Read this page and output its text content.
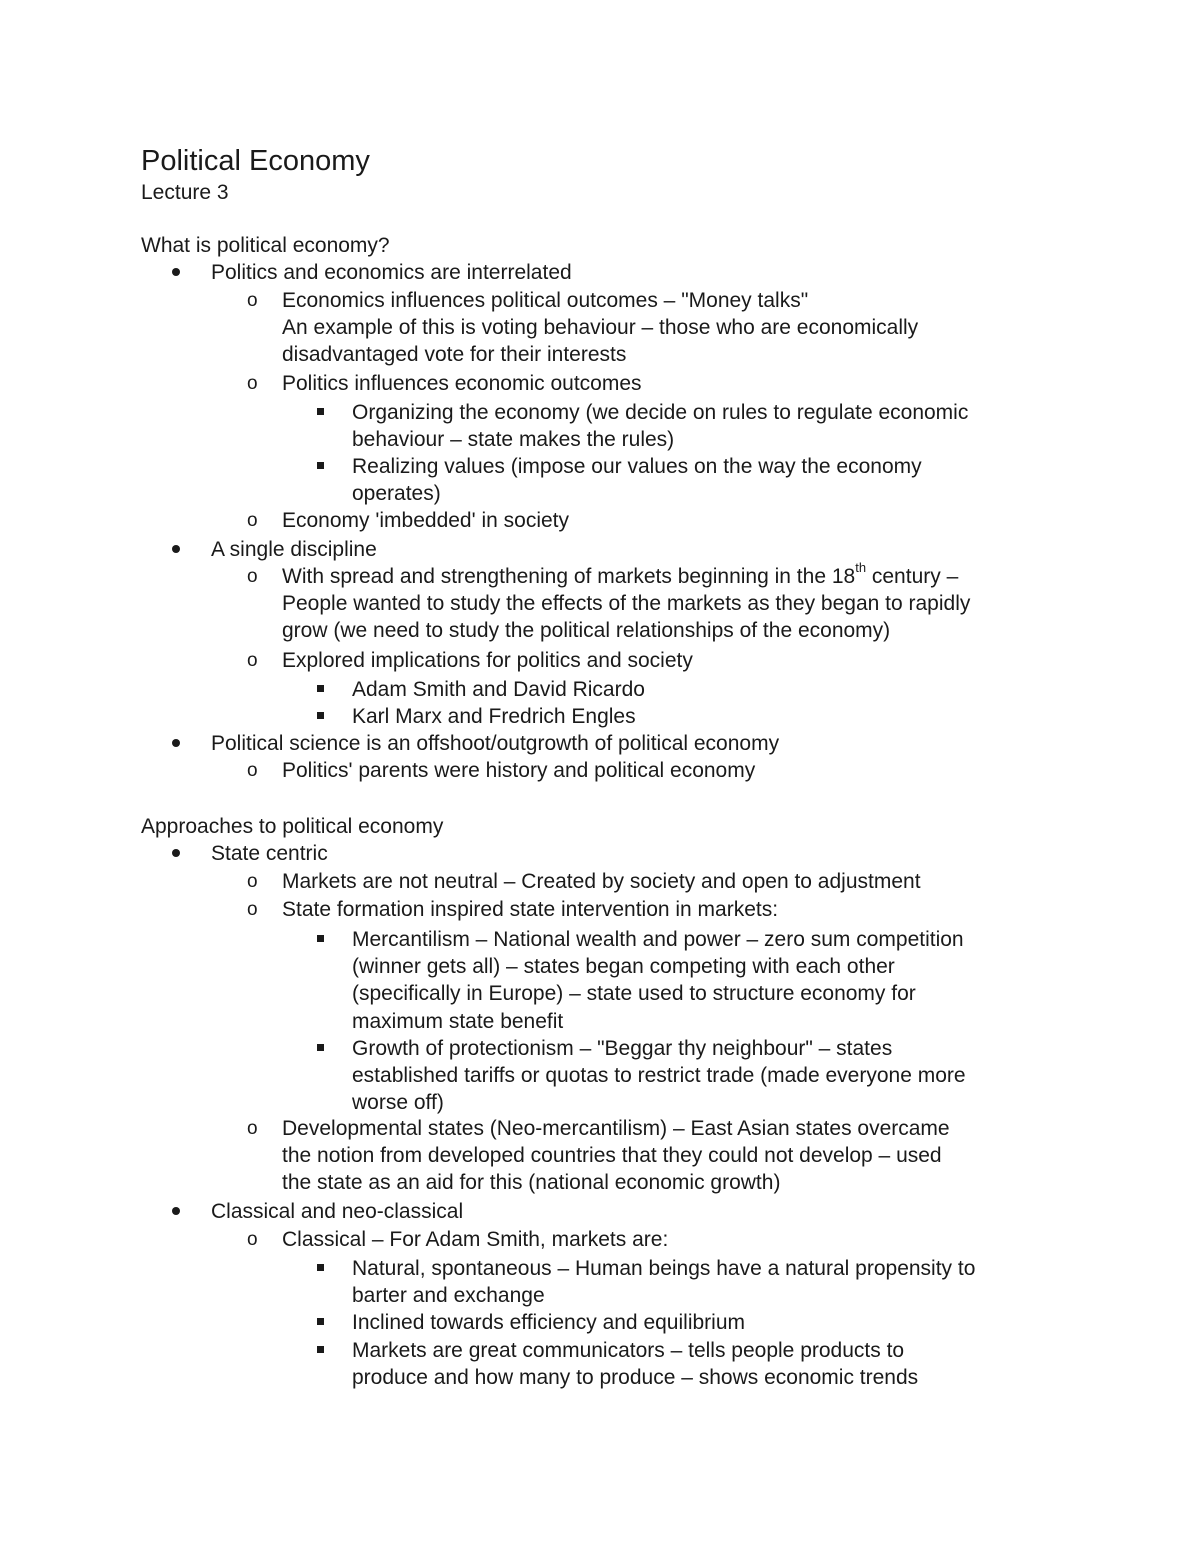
Political Economy
Lecture 3
What is political economy?
Politics and economics are interrelated
o Economics influences political outcomes – "Money talks"
An example of this is voting behaviour – those who are economically
disadvantaged vote for their interests
o Politics influences economic outcomes
Organizing the economy (we decide on rules to regulate economic
behaviour – state makes the rules)
Realizing values (impose our values on the way the economy
operates)
o Economy 'imbedded' in society
A single discipline
o With spread and strengthening of markets beginning in the 18th century –
People wanted to study the effects of the markets as they began to rapidly
grow (we need to study the political relationships of the economy)
o Explored implications for politics and society
Adam Smith and David Ricardo
Karl Marx and Fredrich Engles
Political science is an offshoot/outgrowth of political economy
o Politics' parents were history and political economy
Approaches to political economy
State centric
o Markets are not neutral – Created by society and open to adjustment
o State formation inspired state intervention in markets:
Mercantilism – National wealth and power – zero sum competition
(winner gets all) – states began competing with each other
(specifically in Europe) – state used to structure economy for
maximum state benefit
Growth of protectionism – "Beggar thy neighbour" – states
established tariffs or quotas to restrict trade (made everyone more
worse off)
o Developmental states (Neo-mercantilism) – East Asian states overcame
the notion from developed countries that they could not develop – used
the state as an aid for this (national economic growth)
Classical and neo-classical
o Classical – For Adam Smith, markets are:
Natural, spontaneous – Human beings have a natural propensity to
barter and exchange
Inclined towards efficiency and equilibrium
Markets are great communicators – tells people products to
produce and how many to produce – shows economic trends
